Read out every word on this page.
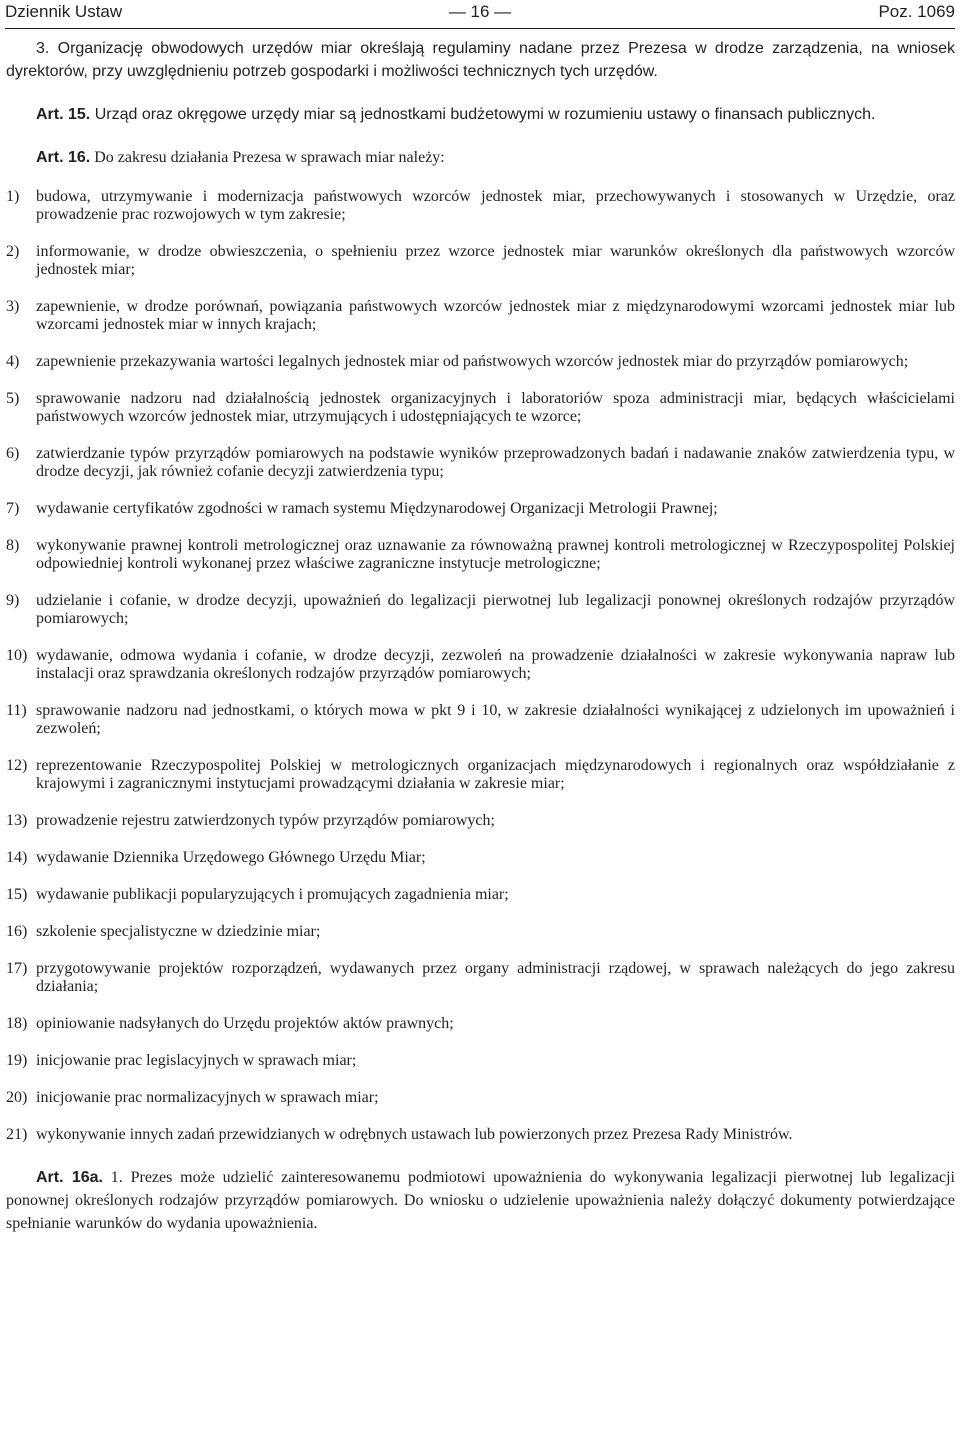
Dziennik Ustaw	— 16 —	Poz. 1069

3. Organizację obwodowych urzędów miar określają regulaminy nadane przez Prezesa w drodze zarządzenia, na wniosek dyrektorów, przy uwzględnieniu potrzeb gospodarki i możliwości technicznych tych urzędów.

Art. 15. Urząd oraz okręgowe urzędy miar są jednostkami budżetowymi w rozumieniu ustawy o finansach publicznych.

Art. 16. Do zakresu działania Prezesa w sprawach miar należy:

1) budowa, utrzymywanie i modernizacja państwowych wzorców jednostek miar, przechowywanych i stosowanych w Urzędzie, oraz prowadzenie prac rozwojowych w tym zakresie;
2) informowanie, w drodze obwieszczenia, o spełnieniu przez wzorce jednostek miar warunków określonych dla państwowych wzorców jednostek miar;
3) zapewnienie, w drodze porównań, powiązania państwowych wzorców jednostek miar z międzynarodowymi wzorcami jednostek miar lub wzorcami jednostek miar w innych krajach;
4) zapewnienie przekazywania wartości legalnych jednostek miar od państwowych wzorców jednostek miar do przyrządów pomiarowych;
5) sprawowanie nadzoru nad działalnością jednostek organizacyjnych i laboratoriów spoza administracji miar, będących właścicielami państwowych wzorców jednostek miar, utrzymujących i udostępniających te wzorce;
6) zatwierdzanie typów przyrządów pomiarowych na podstawie wyników przeprowadzonych badań i nadawanie znaków zatwierdzenia typu, w drodze decyzji, jak również cofanie decyzji zatwierdzenia typu;
7) wydawanie certyfikatów zgodności w ramach systemu Międzynarodowej Organizacji Metrologii Prawnej;
8) wykonywanie prawnej kontroli metrologicznej oraz uznawanie za równoważną prawnej kontroli metrologicznej w Rzeczypospolitej Polskiej odpowiedniej kontroli wykonanej przez właściwe zagraniczne instytucje metrologiczne;
9) udzielanie i cofanie, w drodze decyzji, upoważnień do legalizacji pierwotnej lub legalizacji ponownej określonych rodzajów przyrządów pomiarowych;
10) wydawanie, odmowa wydania i cofanie, w drodze decyzji, zezwoleń na prowadzenie działalności w zakresie wykonywania napraw lub instalacji oraz sprawdzania określonych rodzajów przyrządów pomiarowych;
11) sprawowanie nadzoru nad jednostkami, o których mowa w pkt 9 i 10, w zakresie działalności wynikającej z udzielonych im upoważnień i zezwoleń;
12) reprezentowanie Rzeczypospolitej Polskiej w metrologicznych organizacjach międzynarodowych i regionalnych oraz współdziałanie z krajowymi i zagranicznymi instytucjami prowadzącymi działania w zakresie miar;
13) prowadzenie rejestru zatwierdzonych typów przyrządów pomiarowych;
14) wydawanie Dziennika Urzędowego Głównego Urzędu Miar;
15) wydawanie publikacji popularyzujących i promujących zagadnienia miar;
16) szkolenie specjalistyczne w dziedzinie miar;
17) przygotowywanie projektów rozporządzeń, wydawanych przez organy administracji rządowej, w sprawach należących do jego zakresu działania;
18) opiniowanie nadsyłanych do Urzędu projektów aktów prawnych;
19) inicjowanie prac legislacyjnych w sprawach miar;
20) inicjowanie prac normalizacyjnych w sprawach miar;
21) wykonywanie innych zadań przewidzianych w odrębnych ustawach lub powierzonych przez Prezesa Rady Ministrów.

Art. 16a. 1. Prezes może udzielić zainteresowanemu podmiotowi upoważnienia do wykonywania legalizacji pierwotnej lub legalizacji ponownej określonych rodzajów przyrządów pomiarowych. Do wniosku o udzielenie upoważnienia należy dołączyć dokumenty potwierdzające spełnianie warunków do wydania upoważnienia.
